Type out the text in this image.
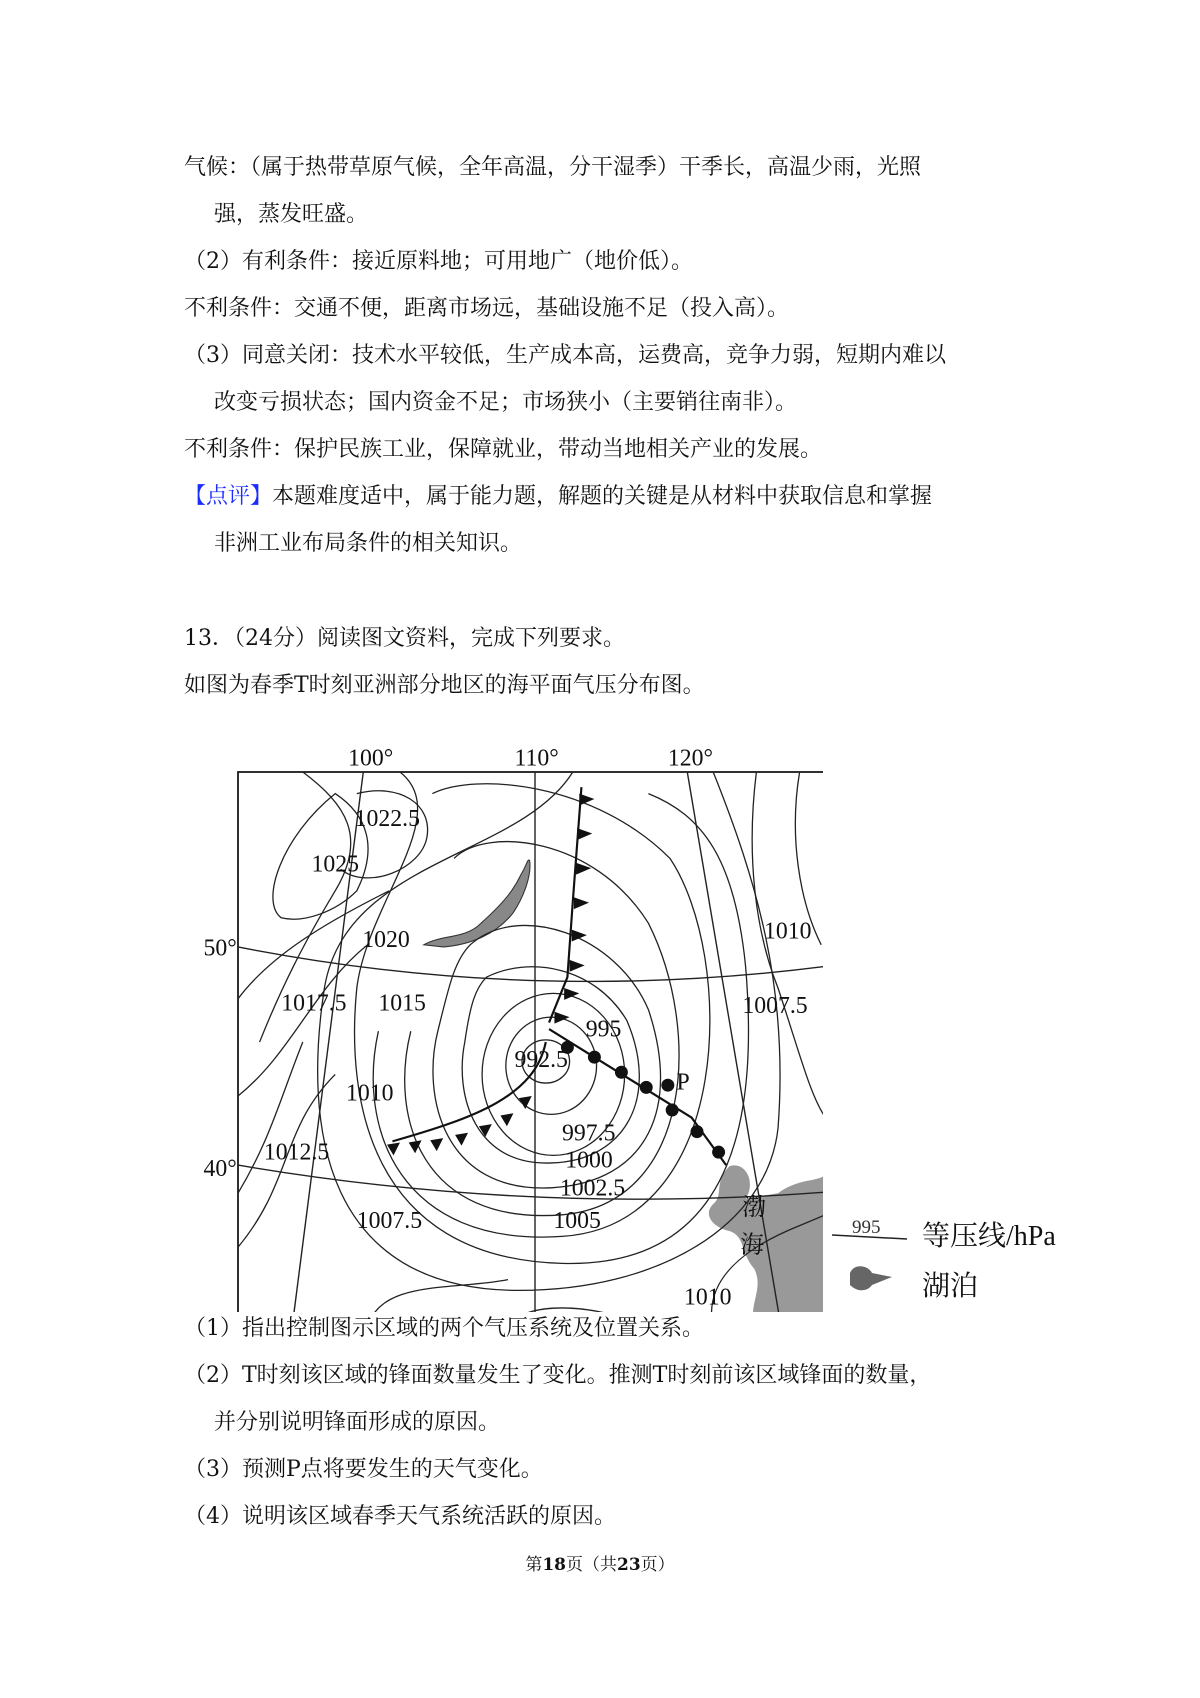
气候：（属于热带草原气候，全年高温，分干湿季）干季长，高温少雨，光照
强，蒸发旺盛。
（2）有利条件：接近原料地；可用地广（地价低）。
不利条件：交通不便，距离市场远，基础设施不足（投入高）。
（3）同意关闭：技术水平较低，生产成本高，运费高，竞争力弱，短期内难以
改变亏损状态；国内资金不足；市场狭小（主要销往南非）。
不利条件：保护民族工业，保障就业，带动当地相关产业的发展。
【点评】本题难度适中，属于能力题，解题的关键是从材料中获取信息和掌握
非洲工业布局条件的相关知识。
13．（24分）阅读图文资料，完成下列要求。
如图为春季T时刻亚洲部分地区的海平面气压分布图。
100°	110°	120°
50°
40°
1022.5
1025
1020	1010
1017.5 1015	1007.5
995
992.5
1010
997.5
1000
1002.5
1012.5
1007.5	1005
1010
P
渤
海
995 等压线/hPa
湖泊
（1）指出控制图示区域的两个气压系统及位置关系。
（2）T时刻该区域的锋面数量发生了变化。推测T时刻前该区域锋面的数量，
并分别说明锋面形成的原因。
（3）预测P点将要发生的天气变化。
（4）说明该区域春季天气系统活跃的原因。
第18页（共23页）
